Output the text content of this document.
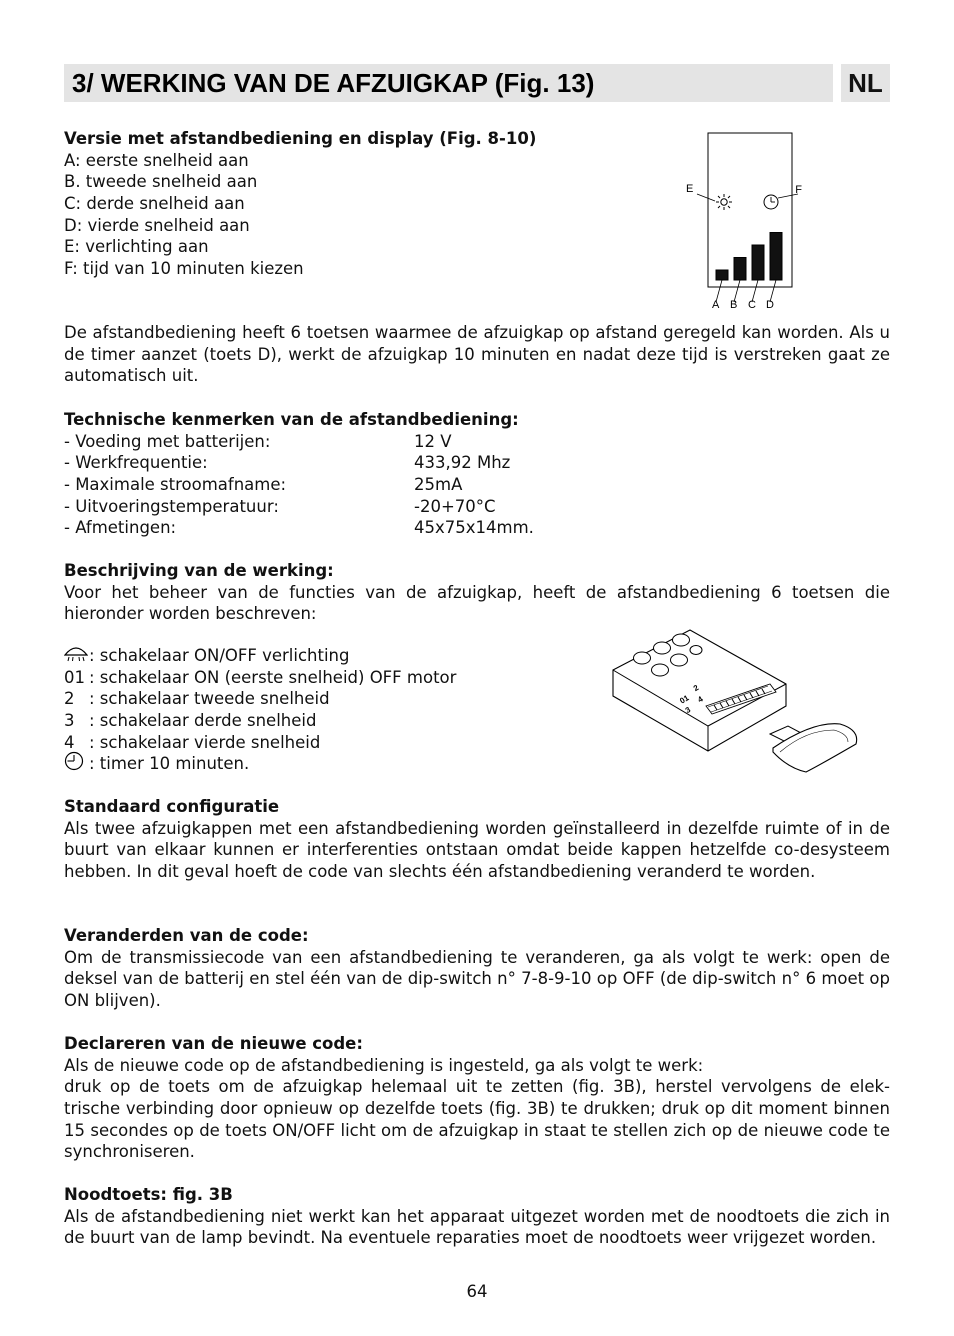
3/ WERKING VAN DE AFZUIGKAP (Fig. 13)	NL
Versie met afstandbediening en display (Fig. 8-10)
A: eerste snelheid aan
B. tweede snelheid aan
C: derde snelheid aan
D: vierde snelheid aan
E: verlichting aan
F: tijd van 10 minuten kiezen
E	F
A B C D
De afstandbediening heeft 6 toetsen waarmee de afzuigkap op afstand geregeld kan worden. Als u de timer aanzet (toets D), werkt de afzuigkap 10 minuten en nadat deze tijd is verstreken gaat ze automatisch uit.
Technische kenmerken van de afstandbediening:
- Voeding met batterijen:	12 V
- Werkfrequentie:	433,92 Mhz
- Maximale stroomafname:	25mA
- Uitvoeringstemperatuur:	-20+70°C
- Afmetingen:	45x75x14mm.
Beschrijving van de werking:
Voor het beheer van de functies van de afzuigkap, heeft de afstandbediening 6 toetsen die hieronder worden beschreven:
: schakelaar ON/OFF verlichting
01 : schakelaar ON (eerste snelheid) OFF motor
2 : schakelaar tweede snelheid
3 : schakelaar derde snelheid
4 : schakelaar vierde snelheid
: timer 10 minuten.
01
2
3
4
Standaard configuratie
Als twee afzuigkappen met een afstandbediening worden geïnstalleerd in dezelfde ruimte of in de buurt van elkaar kunnen er interferenties ontstaan omdat beide kappen hetzelfde co-desysteem hebben. In dit geval hoeft de code van slechts één afstandbediening veranderd te worden.
Veranderden van de code:
Om de transmissiecode van een afstandbediening te veranderen, ga als volgt te werk: open de deksel van de batterij en stel één van de dip-switch n° 7-8-9-10 op OFF (de dip-switch n° 6 moet op ON blijven).
Declareren van de nieuwe code:
Als de nieuwe code op de afstandbediening is ingesteld, ga als volgt te werk:
druk op de toets om de afzuigkap helemaal uit te zetten (fig. 3B), herstel vervolgens de elek-trische verbinding door opnieuw op dezelfde toets (fig. 3B) te drukken; druk op dit moment binnen 15 secondes op de toets ON/OFF licht om de afzuigkap in staat te stellen zich op de nieuwe code te synchroniseren.
Noodtoets: fig. 3B
Als de afstandbediening niet werkt kan het apparaat uitgezet worden met de noodtoets die zich in de buurt van de lamp bevindt. Na eventuele reparaties moet de noodtoets weer vrijgezet worden.
64
